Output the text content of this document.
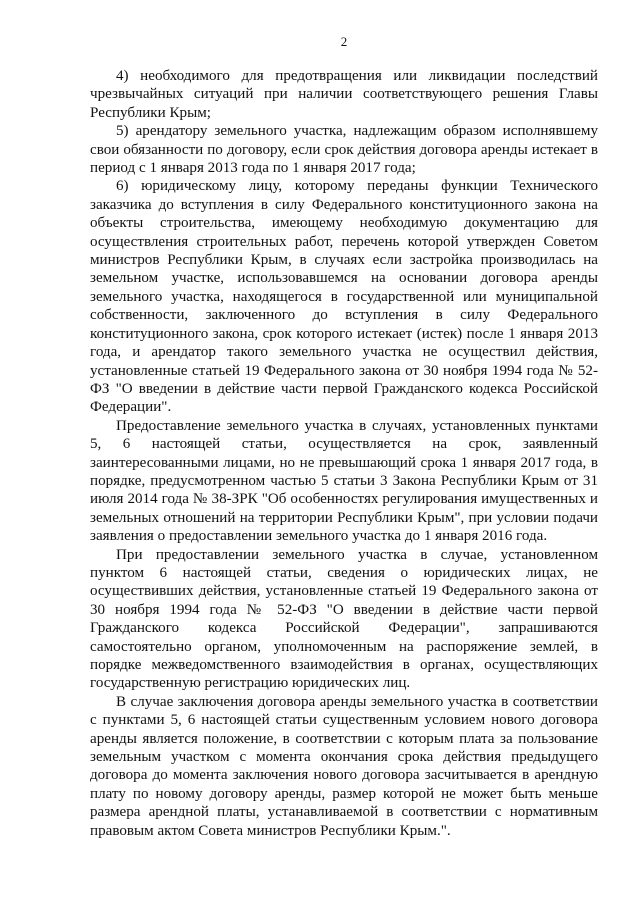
2

4) необходимого для предотвращения или ликвидации последствий чрезвычайных ситуаций при наличии соответствующего решения Главы Республики Крым;

5) арендатору земельного участка, надлежащим образом исполнявшему свои обязанности по договору, если срок действия договора аренды истекает в период с 1 января 2013 года по 1 января 2017 года;

6) юридическому лицу, которому переданы функции Технического заказчика до вступления в силу Федерального конституционного закона на объекты строительства, имеющему необходимую документацию для осуществления строительных работ, перечень которой утвержден Советом министров Республики Крым, в случаях если застройка производилась на земельном участке, использовавшемся на основании договора аренды земельного участка, находящегося в государственной или муниципальной собственности, заключенного до вступления в силу Федерального конституционного закона, срок которого истекает (истек) после 1 января 2013 года, и арендатор такого земельного участка не осуществил действия, установленные статьей 19 Федерального закона от 30 ноября 1994 года № 52-ФЗ "О введении в действие части первой Гражданского кодекса Российской Федерации".

Предоставление земельного участка в случаях, установленных пунктами 5, 6 настоящей статьи, осуществляется на срок, заявленный заинтересованными лицами, но не превышающий срока 1 января 2017 года, в порядке, предусмотренном частью 5 статьи 3 Закона Республики Крым от 31 июля 2014 года № 38-ЗРК "Об особенностях регулирования имущественных и земельных отношений на территории Республики Крым", при условии подачи заявления о предоставлении земельного участка до 1 января 2016 года.

При предоставлении земельного участка в случае, установленном пунктом 6 настоящей статьи, сведения о юридических лицах, не осуществивших действия, установленные статьей 19 Федерального закона от 30 ноября 1994 года № 52-ФЗ "О введении в действие части первой Гражданского кодекса Российской Федерации", запрашиваются самостоятельно органом, уполномоченным на распоряжение землей, в порядке межведомственного взаимодействия в органах, осуществляющих государственную регистрацию юридических лиц.

В случае заключения договора аренды земельного участка в соответствии с пунктами 5, 6 настоящей статьи существенным условием нового договора аренды является положение, в соответствии с которым плата за пользование земельным участком с момента окончания срока действия предыдущего договора до момента заключения нового договора засчитывается в арендную плату по новому договору аренды, размер которой не может быть меньше размера арендной платы, устанавливаемой в соответствии с нормативным правовым актом Совета министров Республики Крым.".
